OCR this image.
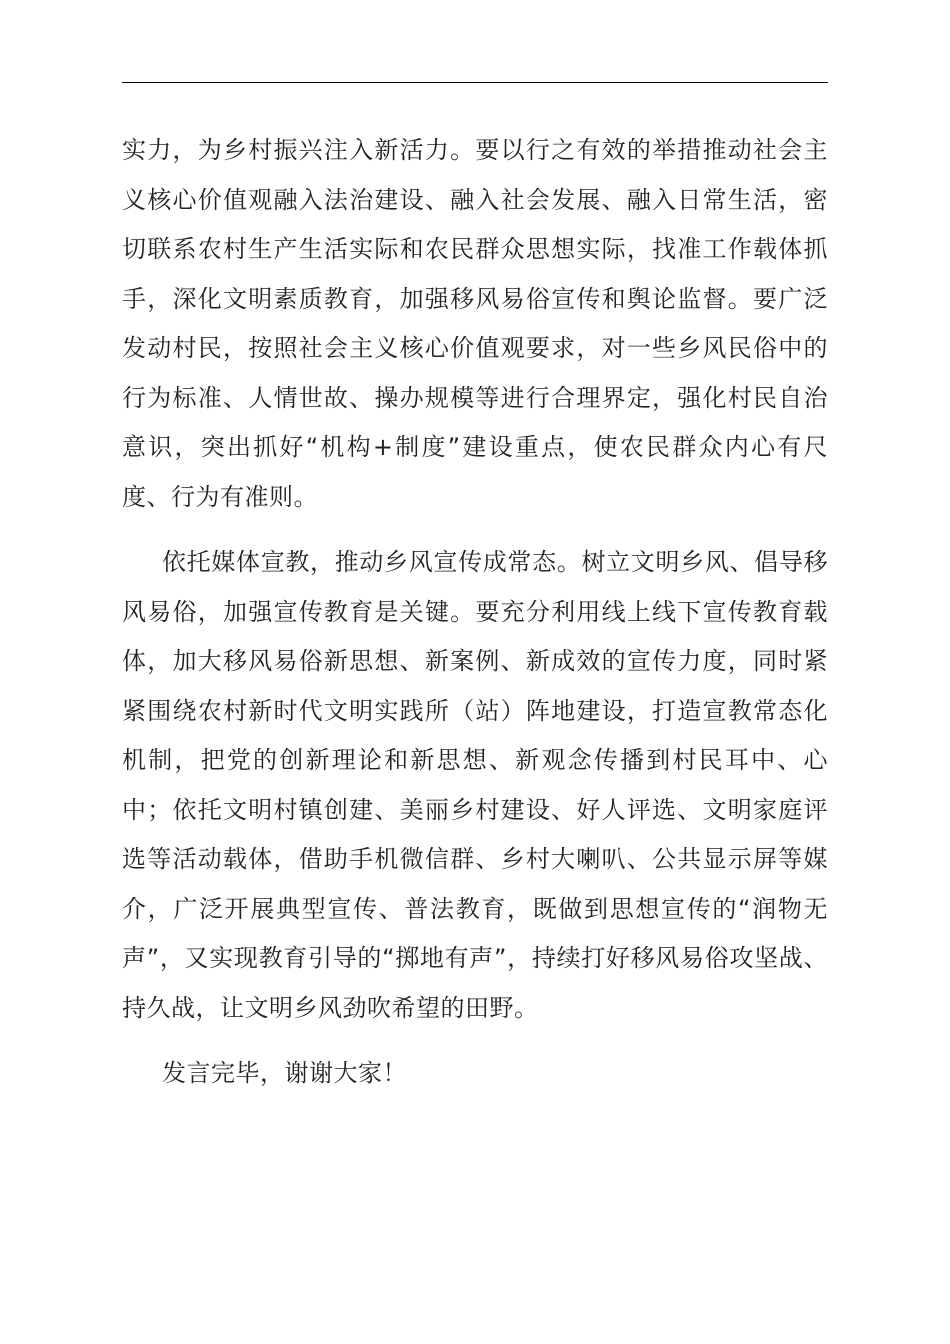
实力，为乡村振兴注入新活力。要以行之有效的举措推动社会主义核心价值观融入法治建设、融入社会发展、融入日常生活，密切联系农村生产生活实际和农民群众思想实际，找准工作载体抓手，深化文明素质教育，加强移风易俗宣传和舆论监督。要广泛发动村民，按照社会主义核心价值观要求，对一些乡风民俗中的行为标准、人情世故、操办规模等进行合理界定，强化村民自治意识，突出抓好“机构+制度”建设重点，使农民群众内心有尺度、行为有准则。

依托媒体宣教，推动乡风宣传成常态。树立文明乡风、倡导移风易俗，加强宣传教育是关键。要充分利用线上线下宣传教育载体，加大移风易俗新思想、新案例、新成效的宣传力度，同时紧紧围绕农村新时代文明实践所（站）阵地建设，打造宣教常态化机制，把党的创新理论和新思想、新观念传播到村民耳中、心中；依托文明村镇创建、美丽乡村建设、好人评选、文明家庭评选等活动载体，借助手机微信群、乡村大喇叭、公共显示屏等媒介，广泛开展典型宣传、普法教育，既做到思想宣传的“润物无声”，又实现教育引导的“掷地有声”，持续打好移风易俗攻坚战、持久战，让文明乡风劲吹希望的田野。

发言完毕，谢谢大家！
